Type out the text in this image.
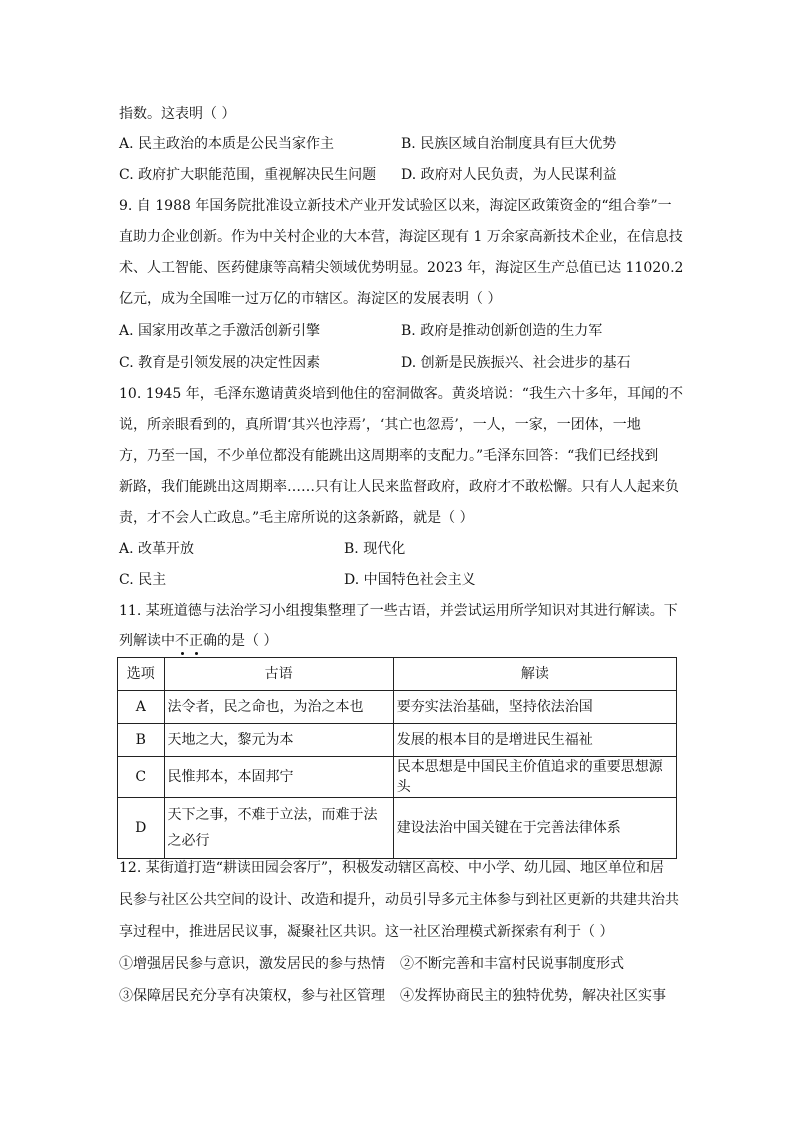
指数。这表明（ ）
A. 民主政治的本质是公民当家作主	B. 民族区域自治制度具有巨大优势
C. 政府扩大职能范围，重视解决民生问题 D. 政府对人民负责，为人民谋利益
9. 自 1988 年国务院批准设立新技术产业开发试验区以来，海淀区政策资金的“组合拳”一
直助力企业创新。作为中关村企业的大本营，海淀区现有 1 万余家高新技术企业，在信息技
术、人工智能、医药健康等高精尖领域优势明显。2023 年，海淀区生产总值已达 11020.2
亿元，成为全国唯一过万亿的市辖区。海淀区的发展表明（ ）
A. 国家用改革之手激活创新引擎	B. 政府是推动创新创造的生力军
C. 教育是引领发展的决定性因素	D. 创新是民族振兴、社会进步的基石
10. 1945 年，毛泽东邀请黄炎培到他住的窑洞做客。黄炎培说：“我生六十多年，耳闻的不
说，所亲眼看到的，真所谓‘其兴也浡焉’，‘其亡也忽焉’，一人，一家，一团体，一地
方，乃至一国，不少单位都没有能跳出这周期率的支配力。”毛泽东回答：“我们已经找到
新路，我们能跳出这周期率……只有让人民来监督政府，政府才不敢松懈。只有人人起来负
责，才不会人亡政息。”毛主席所说的这条新路，就是（ ）
A. 改革开放	B. 现代化
C. 民主	D. 中国特色社会主义
11. 某班道德与法治学习小组搜集整理了一些古语，并尝试运用所学知识对其进行解读。下
列解读中不
正
确的是（ ）
选项	古语	解读
A	法令者，民之命也，为治之本也	要夯实法治基础，坚持依法治国
B	天地之大，黎元为本	发展的根本目的是增进民生福祉
C	民惟邦本，本固邦宁	民本思想是中国民主价值追求的重要思想源头
D	天下之事，不难于立法，而难于法之必行	建设法治中国关键在于完善法律体系
12. 某街道打造“耕读田园会客厅”，积极发动辖区高校、中小学、幼儿园、地区单位和居
民参与社区公共空间的设计、改造和提升，动员引导多元主体参与到社区更新的共建共治共
享过程中，推进居民议事，凝聚社区共识。这一社区治理模式新探索有利于（ ）
①增强居民参与意识，激发居民的参与热情 ②不断完善和丰富村民说事制度形式
③保障居民充分享有决策权，参与社区管理 ④发挥协商民主的独特优势，解决社区实事
